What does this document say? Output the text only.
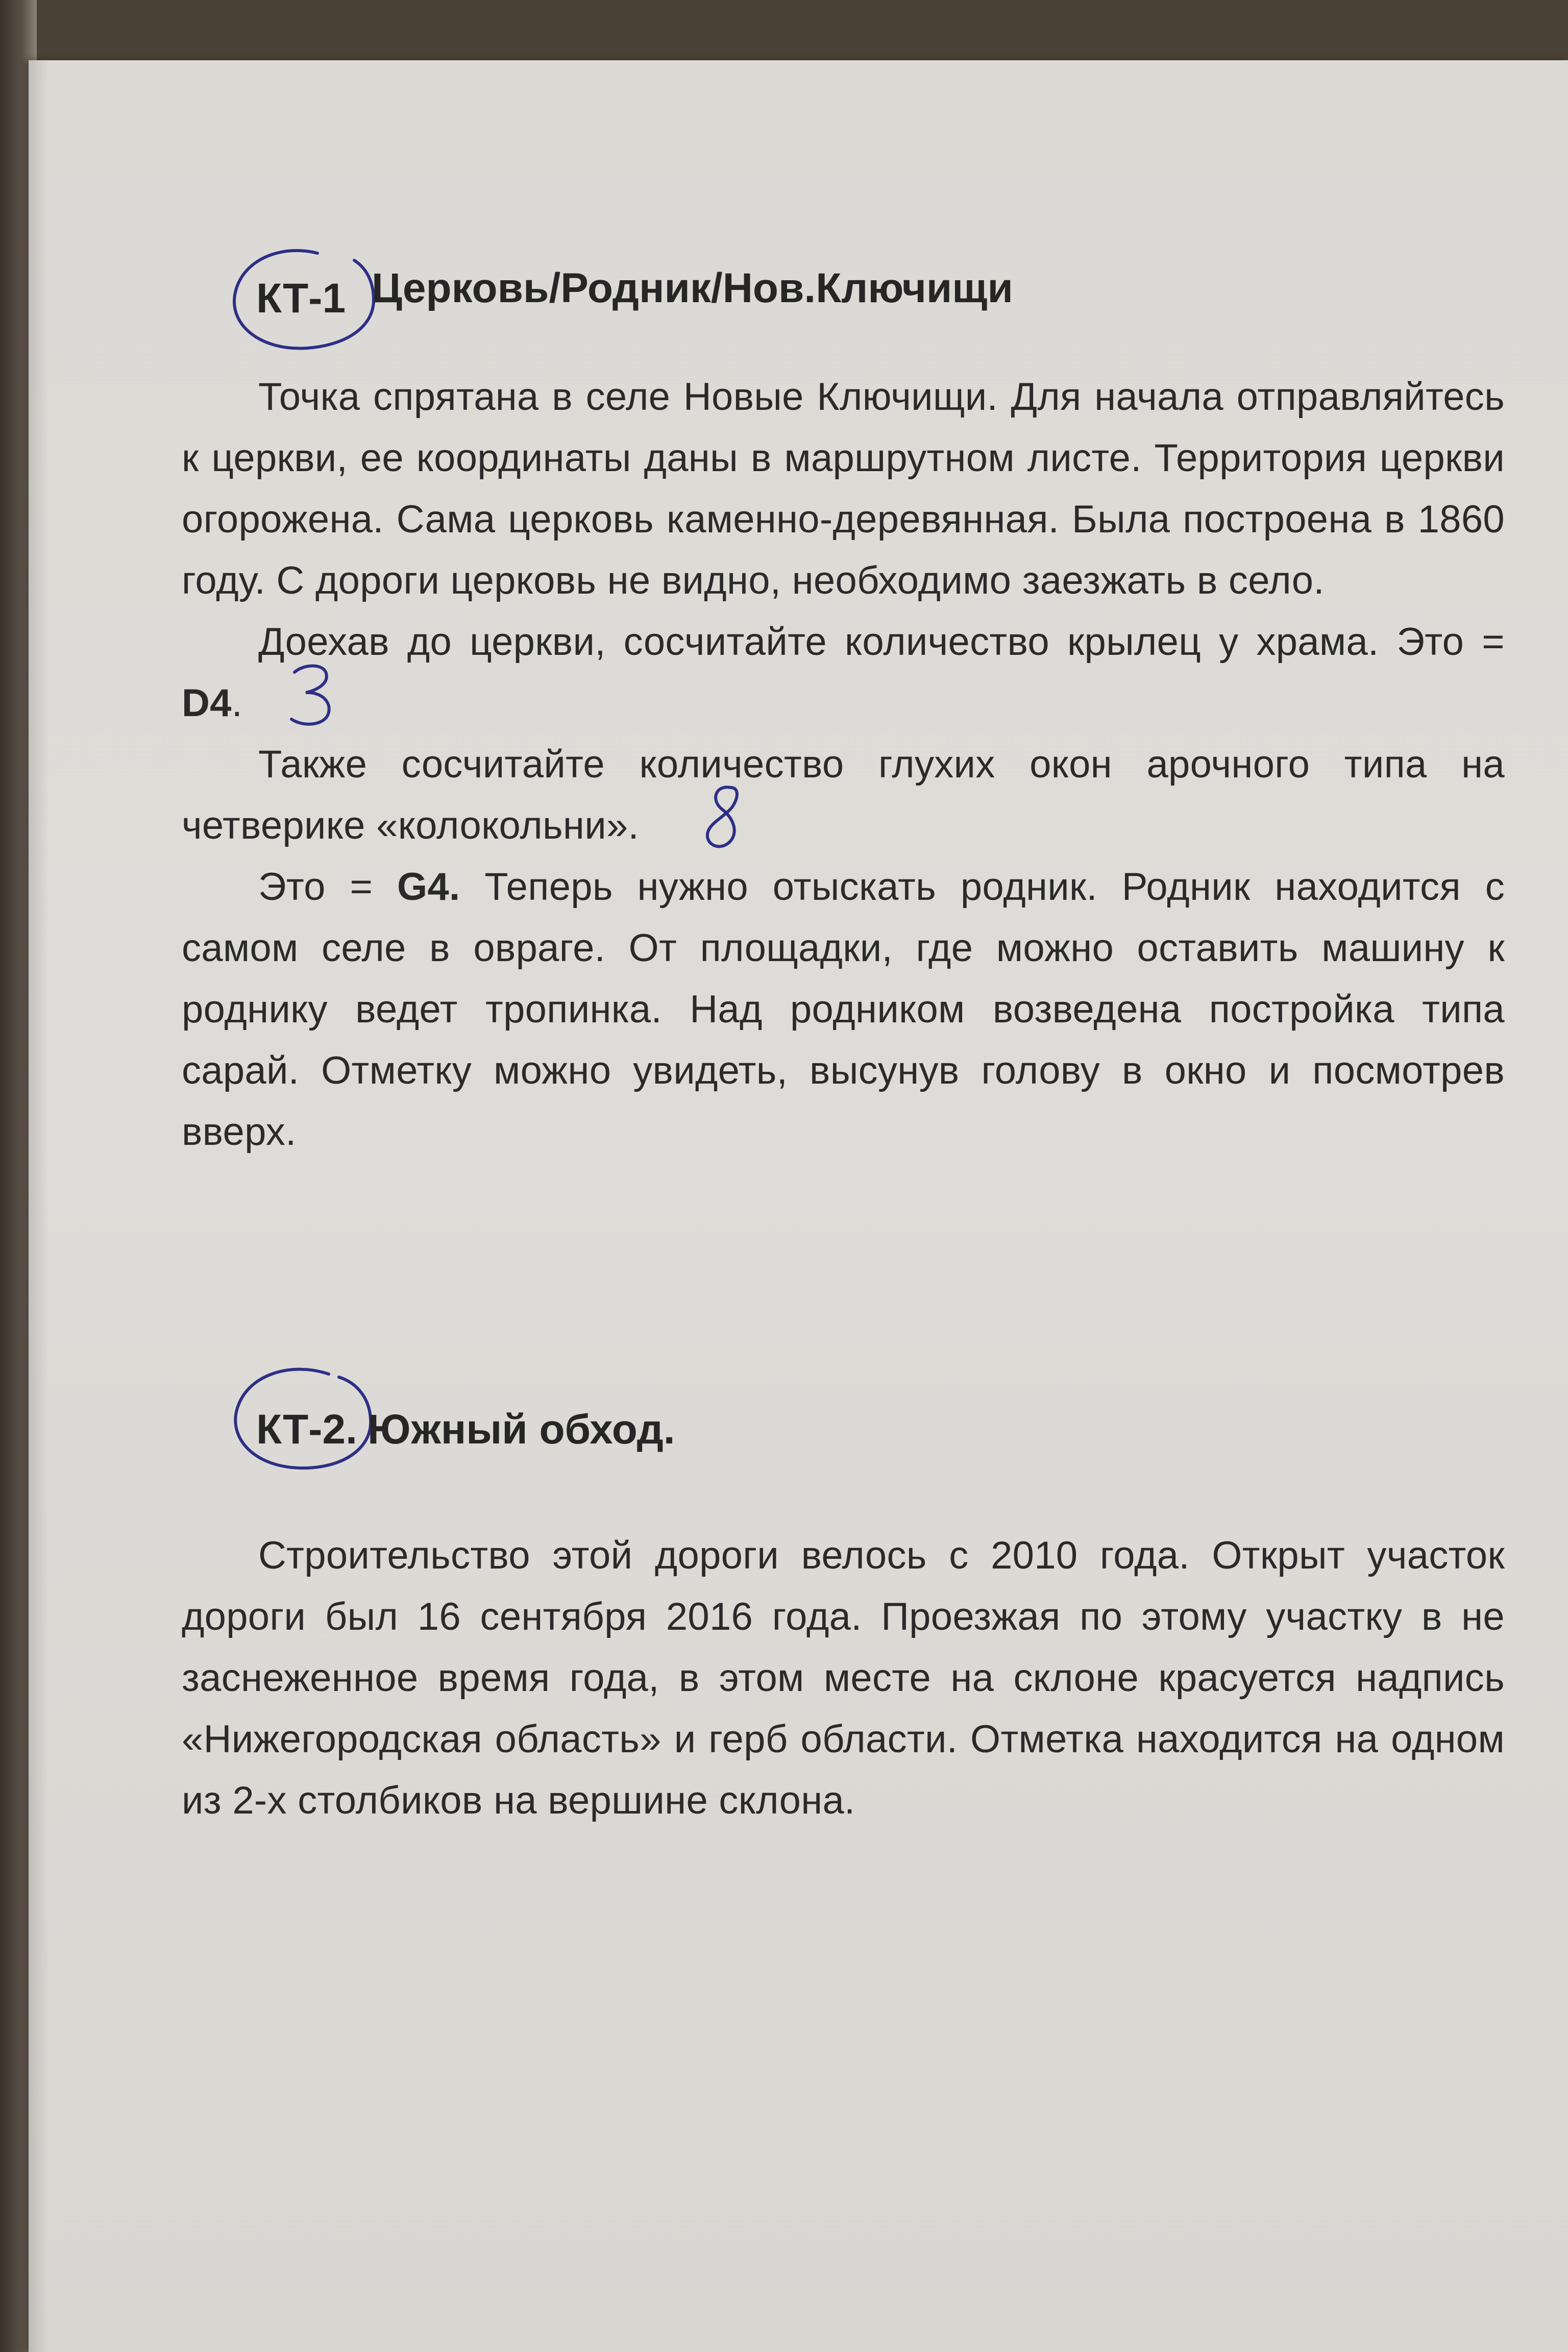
КТ-1 Церковь/Родник/Нов.Ключищи

Точка спрятана в селе Новые Ключищи. Для начала отправляйтесь к церкви, ее координаты даны в маршрутном листе. Территория церкви огорожена. Сама церковь каменно-деревянная. Была построена в 1860 году. С дороги церковь не видно, необходимо заезжать в село.

Доехав до церкви, сосчитайте количество крылец у храма. Это = D4.

Также сосчитайте количество глухих окон арочного типа на четверике «колокольни».

Это = G4. Теперь нужно отыскать родник. Родник находится с самом селе в овраге. От площадки, где можно оставить машину к роднику ведет тропинка. Над родником возведена постройка типа сарай. Отметку можно увидеть, высунув голову в окно и посмотрев вверх.

КТ-2. Южный обход.

Строительство этой дороги велось с 2010 года. Открыт участок дороги был 16 сентября 2016 года. Проезжая по этому участку в не заснеженное время года, в этом месте на склоне красуется надпись «Нижегородская область» и герб области. Отметка находится на одном из 2-х столбиков на вершине склона.
